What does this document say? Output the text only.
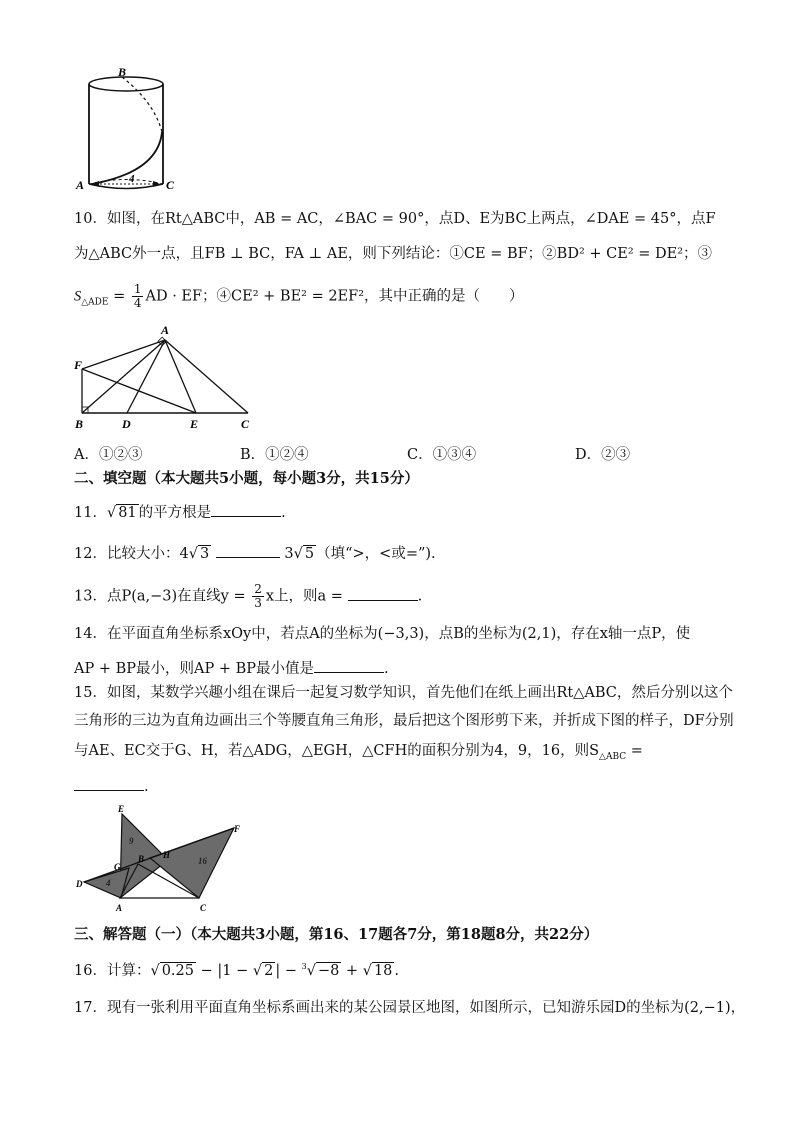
B
A	C
4
10．如图，在Rt△ABC中，AB = AC，∠BAC = 90°，点D、E为BC上两点，∠DAE = 45°，点F
为△ABC外一点，且FB ⊥ BC，FA ⊥ AE，则下列结论：①CE = BF；②BD² + CE² = DE²；③
$S_{\triangle ADE} = \frac{1}{4}$ AD · EF；④CE² + BE² = 2EF²，其中正确的是（　　）
A
F
B	D	E	C
A．①②③	B．①②④	C．①③④	D．②③
二、填空题（本大题共5小题，每小题3分，共15分）
11．√ 81 的平方根是	.
12．比较大小：4√ 3	3√ 5 （填“>，<或=”).
13．点P(a,−3)在直线$y = \frac{2}{3}$ x上，则a =	.
14．在平面直角坐标系xOy中，若点A的坐标为(−3,3)，点B的坐标为(2,1)，存在x轴一点P，使
AP + BP最小，则AP + BP最小值是	.
15．如图，某数学兴趣小组在课后一起复习数学知识，首先他们在纸上画出Rt△ABC，然后分别以这个
三角形的三边为直角边画出三个等腰直角三角形，最后把这个图形剪下来，并折成下图的样子，DF分别
与AE、EC交于G、H，若△ADG，△EGH，△CFH的面积分别为4，9，16，则$S_{\triangle ABC}$ =
.
E
F
G
H
B
D
A	C
4
9
16
三、解答题（一）（本大题共3小题，第16、17题各7分，第18题8分，共22分）
16．计算：√ 0.25 − |1 − √ 2 | − $^3$√ −8 + √ 18 .
17．现有一张利用平面直角坐标系画出来的某公园景区地图，如图所示，已知游乐园D的坐标为(2,−1)，
